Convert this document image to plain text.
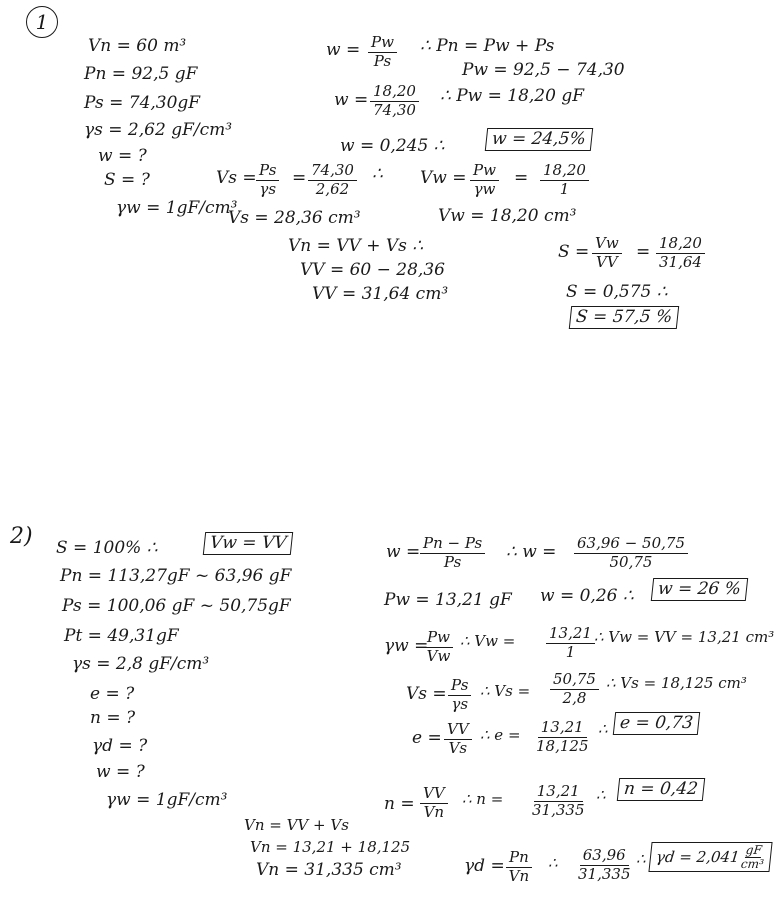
1
Vn = 60 m³
Pn = 92,5 gF
Ps = 74,30gF
γs = 2,62 gF/cm³
w = ?
S = ?
γw = 1gF/cm³
$w = \frac{Pw}{Ps}$ ∴ Pn = Pw + Ps
Pw = 92,5 − 74,30
$w = \frac{18,20}{74,30}$ ∴ Pw = 18,20 gF
w = 0,245 ∴	w = 24,5%
$Vs = \frac{Ps}{\gamma s} = \frac{74,30}{2,62}$ ∴ $Vw = \frac{Pw}{\gamma w} = \frac{18,20}{1}$
Vs = 28,36 cm³	Vw = 18,20 cm³
Vn = VV + Vs ∴
VV = 60 − 28,36
VV = 31,64 cm³
$S = \frac{Vw}{VV} = \frac{18,20}{31,64}$
S = 0,575 ∴
S = 57,5 %
2) S = 100% ∴
Pn = 113,27gF ~ 63,96 gF
Ps = 100,06 gF ~ 50,75gF
Pt = 49,31gF
γs = 2,8 gF/cm³
e = ?
n = ?
γd = ?
w = ?
γw = 1gF/cm³
Vw = VV	$w = \frac{Pn - Ps}{Ps}$ ∴ $w = \frac{63,96 - 50,75}{50,75}$
Pw = 13,21 gF w = 0,26 ∴	w = 26 %
γw =
$\frac{Pw}{Vw}$ ∴ $Vw = \frac{13,21}{1}$ ∴ Vw = VV = 13,21 cm³
$Vs = \frac{Ps}{\gamma s}$ ∴ $Vs = \frac{50,75}{2,8}$ ∴ Vs = 18,125 cm³
$e = \frac{VV}{Vs}$ ∴ $e = \frac{13,21}{18,125}$ ∴ e = 0,73
$n = \frac{VV}{Vn}$ ∴ $n = \frac{13,21}{31,335}$ ∴	n = 0,42
Vn = VV + Vs
Vn = 13,21 + 18,125
Vn = 31,335 cm³	$\gamma d = \frac{Pn}{Vn}$ ∴ $\frac{63,96}{31,335}$ ∴ $\gamma d = 2,041 \frac{gF}{\text{cm³}}$
